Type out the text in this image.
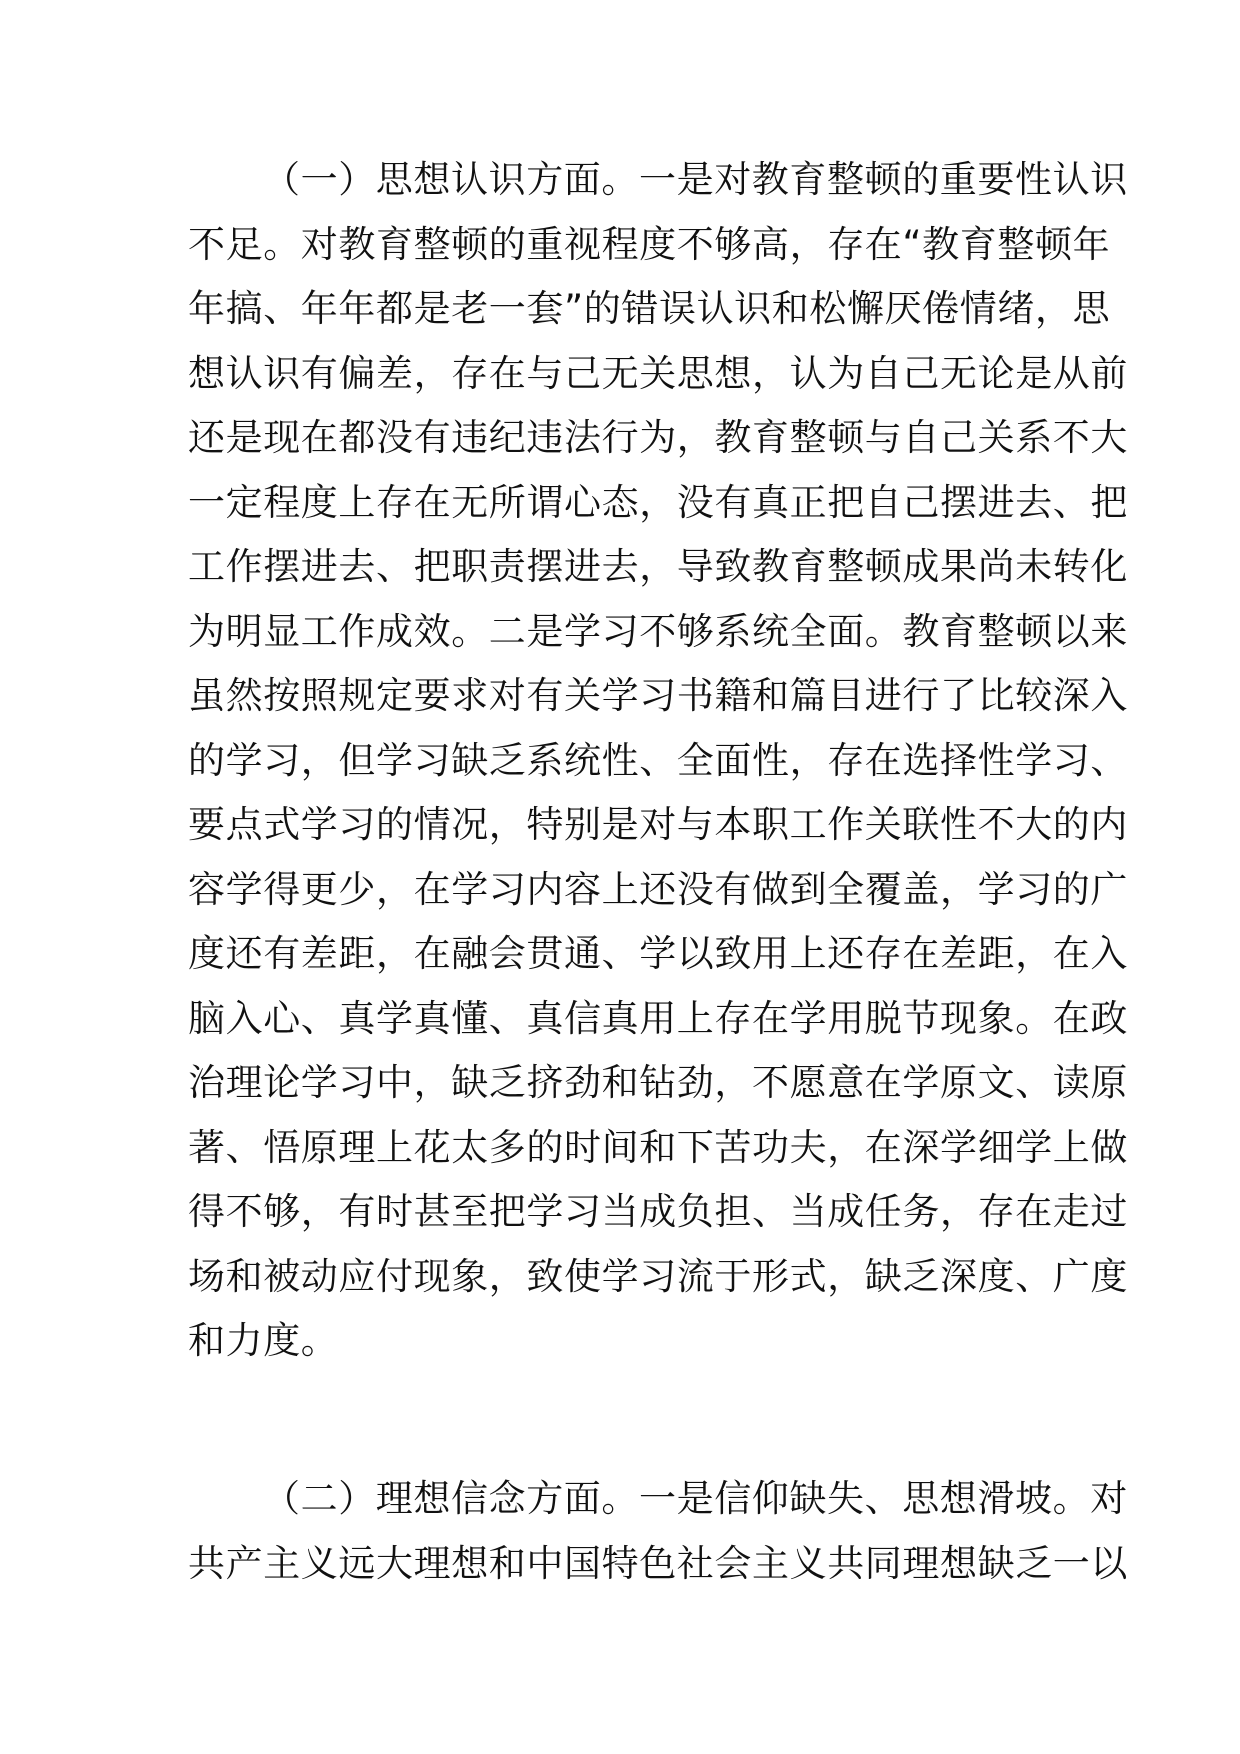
（一）思想认识方面。一是对教育整顿的重要性认识
不足。对教育整顿的重视程度不够高，存在“教育整顿年
年搞、年年都是老一套”的错误认识和松懈厌倦情绪，思
想认识有偏差，存在与己无关思想，认为自己无论是从前
还是现在都没有违纪违法行为，教育整顿与自己关系不大
一定程度上存在无所谓心态，没有真正把自己摆进去、把
工作摆进去、把职责摆进去，导致教育整顿成果尚未转化
为明显工作成效。二是学习不够系统全面。教育整顿以来
虽然按照规定要求对有关学习书籍和篇目进行了比较深入
的学习，但学习缺乏系统性、全面性，存在选择性学习、
要点式学习的情况，特别是对与本职工作关联性不大的内
容学得更少，在学习内容上还没有做到全覆盖，学习的广
度还有差距，在融会贯通、学以致用上还存在差距，在入
脑入心、真学真懂、真信真用上存在学用脱节现象。在政
治理论学习中，缺乏挤劲和钻劲，不愿意在学原文、读原
著、悟原理上花太多的时间和下苦功夫，在深学细学上做
得不够，有时甚至把学习当成负担、当成任务，存在走过
场和被动应付现象，致使学习流于形式，缺乏深度、广度
和力度。
（二）理想信念方面。一是信仰缺失、思想滑坡。对
共产主义远大理想和中国特色社会主义共同理想缺乏一以
